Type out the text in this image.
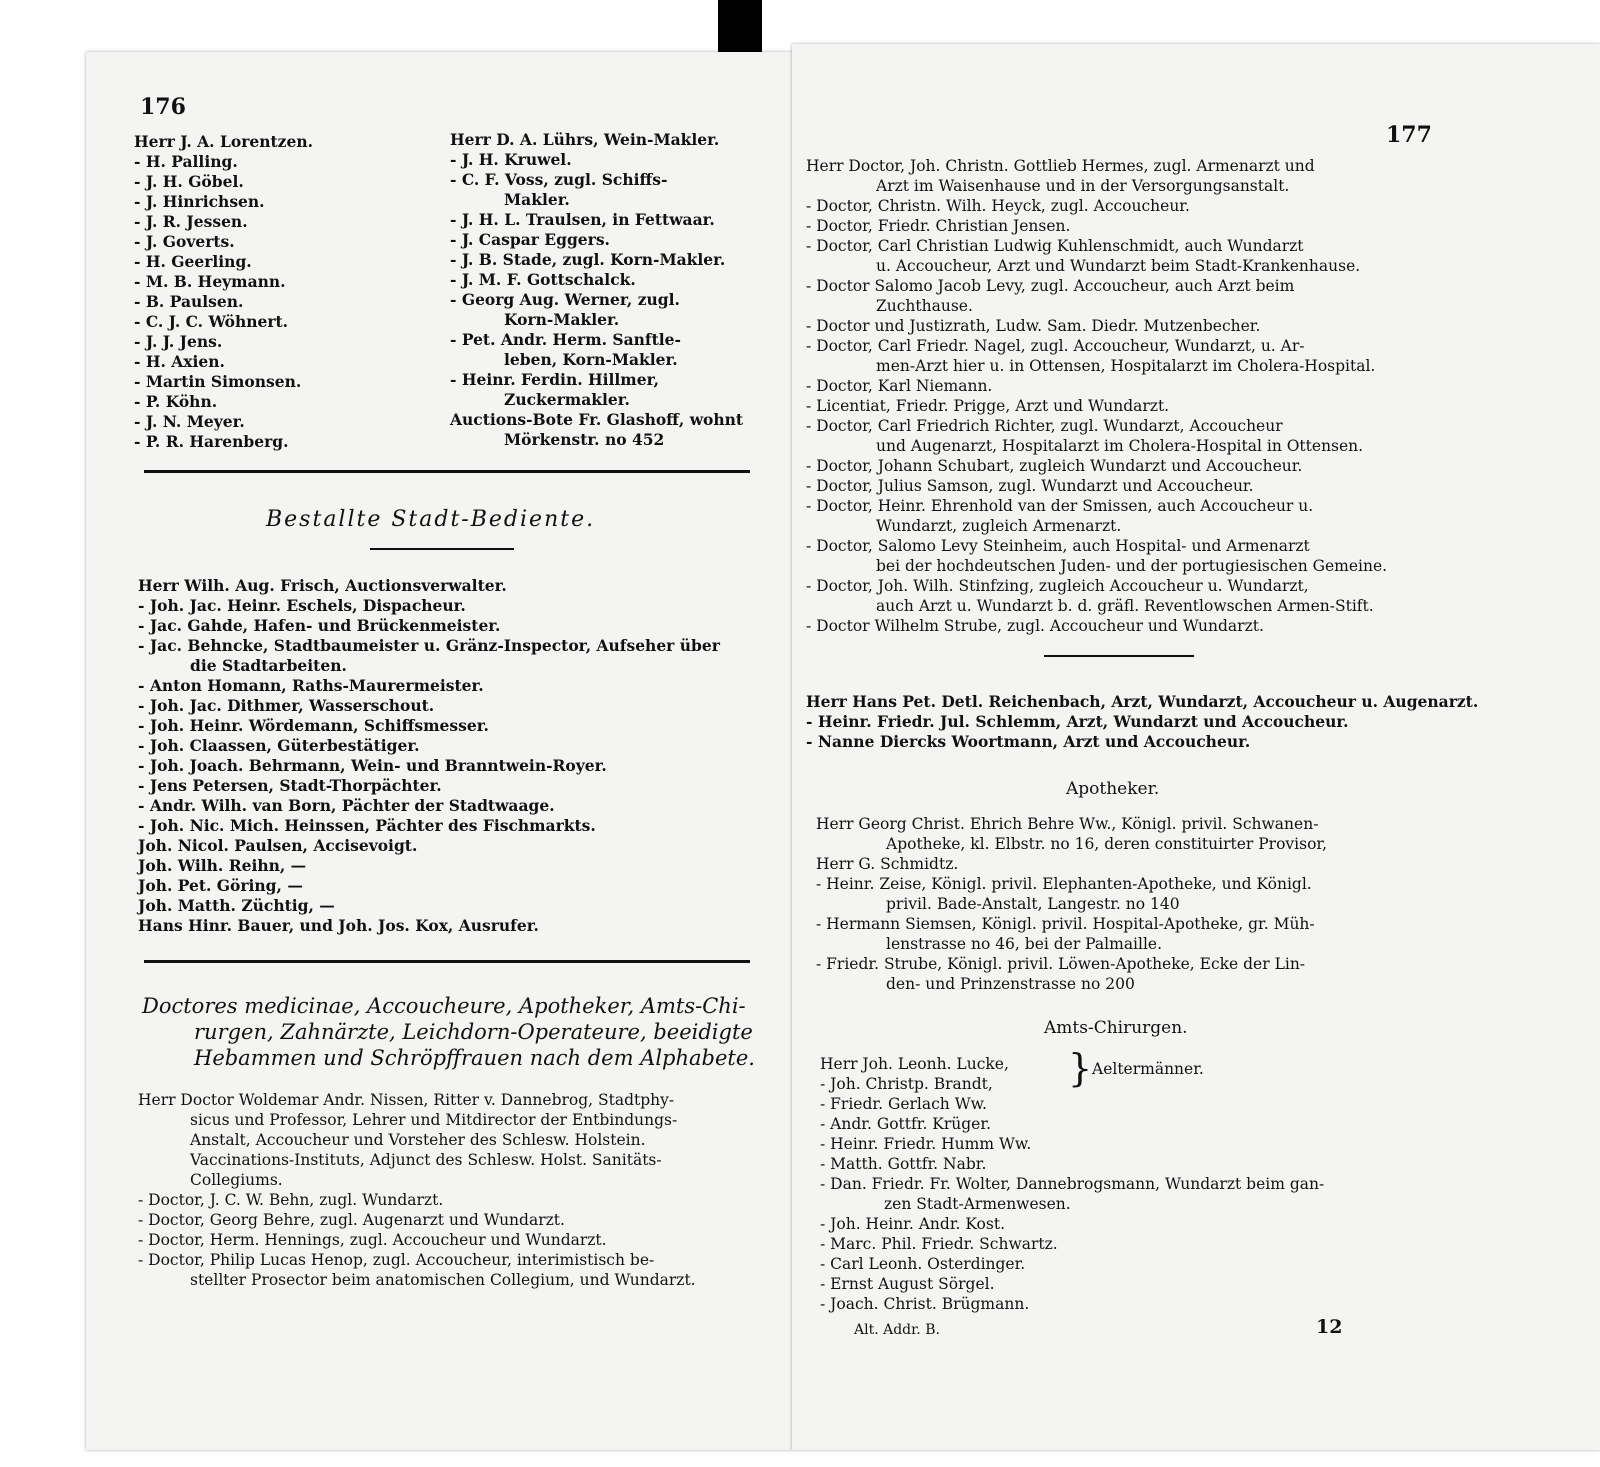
176
Herr J. A. Lorentzen.
- H. Palling.
- J. H. Göbel.
- J. Hinrichsen.
- J. R. Jessen.
- J. Goverts.
- H. Geerling.
- M. B. Heymann.
- B. Paulsen.
- C. J. C. Wöhnert.
- J. J. Jens.
- H. Axien.
- Martin Simonsen.
- P. Köhn.
- J. N. Meyer.
- P. R. Harenberg.
Herr D. A. Lührs, Wein-Makler.
- J. H. Kruwel.
- C. F. Voss, zugl. Schiffs-
Makler.
- J. H. L. Traulsen, in Fettwaar.
- J. Caspar Eggers.
- J. B. Stade, zugl. Korn-Makler.
- J. M. F. Gottschalck.
- Georg Aug. Werner, zugl.
Korn-Makler.
- Pet. Andr. Herm. Sanftle-
leben, Korn-Makler.
- Heinr. Ferdin. Hillmer,
Zuckermakler.
Auctions-Bote Fr. Glashoff, wohnt
Mörkenstr. no 452
Bestallte Stadt-Bediente.
Herr Wilh. Aug. Frisch, Auctionsverwalter.
- Joh. Jac. Heinr. Eschels, Dispacheur.
- Jac. Gahde, Hafen- und Brückenmeister.
- Jac. Behncke, Stadtbaumeister u. Gränz-Inspector, Aufseher über
die Stadtarbeiten.
- Anton Homann, Raths-Maurermeister.
- Joh. Jac. Dithmer, Wasserschout.
- Joh. Heinr. Wördemann, Schiffsmesser.
- Joh. Claassen, Güterbestätiger.
- Joh. Joach. Behrmann, Wein- und Branntwein-Royer.
- Jens Petersen, Stadt-Thorpächter.
- Andr. Wilh. van Born, Pächter der Stadtwaage.
- Joh. Nic. Mich. Heinssen, Pächter des Fischmarkts.
Joh. Nicol. Paulsen, Accisevoigt.
Joh. Wilh. Reihn, —
Joh. Pet. Göring, —
Joh. Matth. Züchtig, —
Hans Hinr. Bauer, und Joh. Jos. Kox, Ausrufer.
Doctores medicinae, Accoucheure, Apotheker, Amts-Chi-
rurgen, Zahnärzte, Leichdorn-Operateure, beeidigte
Hebammen und Schröpffrauen nach dem Alphabete.
Herr Doctor Woldemar Andr. Nissen, Ritter v. Dannebrog, Stadtphy-
sicus und Professor, Lehrer und Mitdirector der Entbindungs-
Anstalt, Accoucheur und Vorsteher des Schlesw. Holstein.
Vaccinations-Instituts, Adjunct des Schlesw. Holst. Sanitäts-
Collegiums.
- Doctor, J. C. W. Behn, zugl. Wundarzt.
- Doctor, Georg Behre, zugl. Augenarzt und Wundarzt.
- Doctor, Herm. Hennings, zugl. Accoucheur und Wundarzt.
- Doctor, Philip Lucas Henop, zugl. Accoucheur, interimistisch be-
stellter Prosector beim anatomischen Collegium, und Wundarzt.
177
Herr Doctor, Joh. Christn. Gottlieb Hermes, zugl. Armenarzt und
Arzt im Waisenhause und in der Versorgungsanstalt.
- Doctor, Christn. Wilh. Heyck, zugl. Accoucheur.
- Doctor, Friedr. Christian Jensen.
- Doctor, Carl Christian Ludwig Kuhlenschmidt, auch Wundarzt
u. Accoucheur, Arzt und Wundarzt beim Stadt-Krankenhause.
- Doctor Salomo Jacob Levy, zugl. Accoucheur, auch Arzt beim
Zuchthause.
- Doctor und Justizrath, Ludw. Sam. Diedr. Mutzenbecher.
- Doctor, Carl Friedr. Nagel, zugl. Accoucheur, Wundarzt, u. Ar-
men-Arzt hier u. in Ottensen, Hospitalarzt im Cholera-Hospital.
- Doctor, Karl Niemann.
- Licentiat, Friedr. Prigge, Arzt und Wundarzt.
- Doctor, Carl Friedrich Richter, zugl. Wundarzt, Accoucheur
und Augenarzt, Hospitalarzt im Cholera-Hospital in Ottensen.
- Doctor, Johann Schubart, zugleich Wundarzt und Accoucheur.
- Doctor, Julius Samson, zugl. Wundarzt und Accoucheur.
- Doctor, Heinr. Ehrenhold van der Smissen, auch Accoucheur u.
Wundarzt, zugleich Armenarzt.
- Doctor, Salomo Levy Steinheim, auch Hospital- und Armenarzt
bei der hochdeutschen Juden- und der portugiesischen Gemeine.
- Doctor, Joh. Wilh. Stinfzing, zugleich Accoucheur u. Wundarzt,
auch Arzt u. Wundarzt b. d. gräfl. Reventlowschen Armen-Stift.
- Doctor Wilhelm Strube, zugl. Accoucheur und Wundarzt.
Herr Hans Pet. Detl. Reichenbach, Arzt, Wundarzt, Accoucheur u. Augenarzt.
- Heinr. Friedr. Jul. Schlemm, Arzt, Wundarzt und Accoucheur.
- Nanne Diercks Woortmann, Arzt und Accoucheur.
Apotheker.
Herr Georg Christ. Ehrich Behre Ww., Königl. privil. Schwanen-
Apotheke, kl. Elbstr. no 16, deren constituirter Provisor,
Herr G. Schmidtz.
- Heinr. Zeise, Königl. privil. Elephanten-Apotheke, und Königl.
privil. Bade-Anstalt, Langestr. no 140
- Hermann Siemsen, Königl. privil. Hospital-Apotheke, gr. Müh-
lenstrasse no 46, bei der Palmaille.
- Friedr. Strube, Königl. privil. Löwen-Apotheke, Ecke der Lin-
den- und Prinzenstrasse no 200
Amts-Chirurgen.
} Aeltermänner.
Herr Joh. Leonh. Lucke,
- Joh. Christp. Brandt,
- Friedr. Gerlach Ww.
- Andr. Gottfr. Krüger.
- Heinr. Friedr. Humm Ww.
- Matth. Gottfr. Nabr.
- Dan. Friedr. Fr. Wolter, Dannebrogsmann, Wundarzt beim gan-
zen Stadt-Armenwesen.
- Joh. Heinr. Andr. Kost.
- Marc. Phil. Friedr. Schwartz.
- Carl Leonh. Osterdinger.
- Ernst August Sörgel.
- Joach. Christ. Brügmann.
Alt. Addr. B.	12
